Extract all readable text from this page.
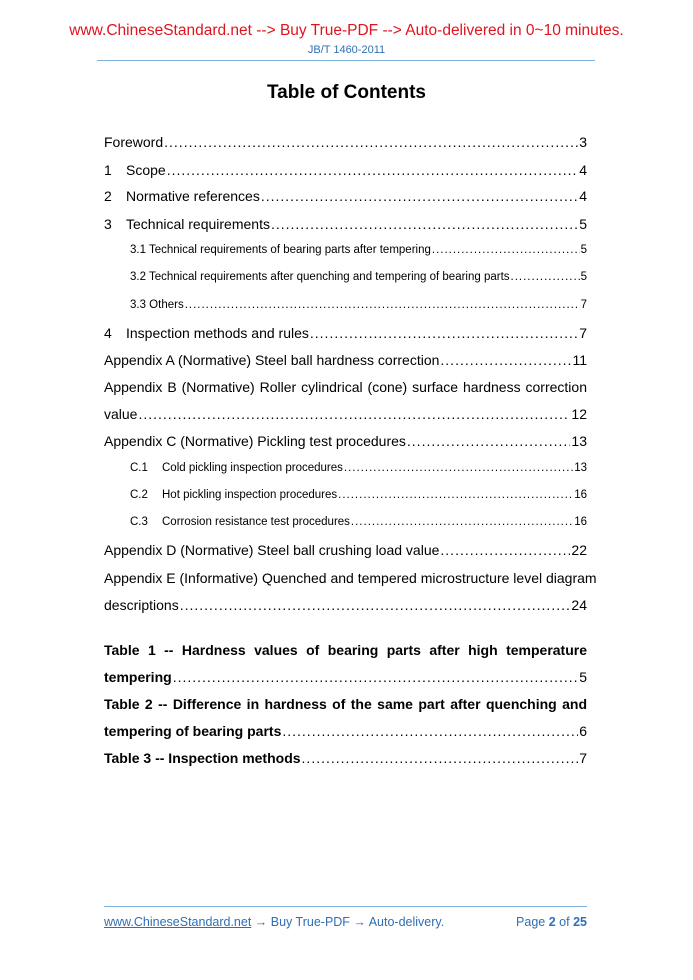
www.ChineseStandard.net --> Buy True-PDF --> Auto-delivered in 0~10 minutes.
JB/T 1460-2011
Table of Contents
Foreword .....	3
1	Scope .....	4
2	Normative references .....	4
3	Technical requirements .....	5
3.1 Technical requirements of bearing parts after tempering .....	5
3.2 Technical requirements after quenching and tempering of bearing parts .....	5
3.3 Others .....	7
4	Inspection methods and rules .....	7
Appendix A (Normative) Steel ball hardness correction .....	11
Appendix B (Normative) Roller cylindrical (cone) surface hardness correction
value .....	12
Appendix C (Normative) Pickling test procedures .....	13
C.1	Cold pickling inspection procedures .....	13
C.2	Hot pickling inspection procedures .....	16
C.3	Corrosion resistance test procedures .....	16
Appendix D (Normative) Steel ball crushing load value .....	22
Appendix E (Informative) Quenched and tempered microstructure level diagram
descriptions .....	24
Table 1 -- Hardness values of bearing parts after high temperature
tempering .....	5
Table 2 -- Difference in hardness of the same part after quenching and
tempering of bearing parts .....	6
Table 3 -- Inspection methods .....	7
www.ChineseStandard.net → Buy True-PDF → Auto-delivery.	Page 2 of 25
